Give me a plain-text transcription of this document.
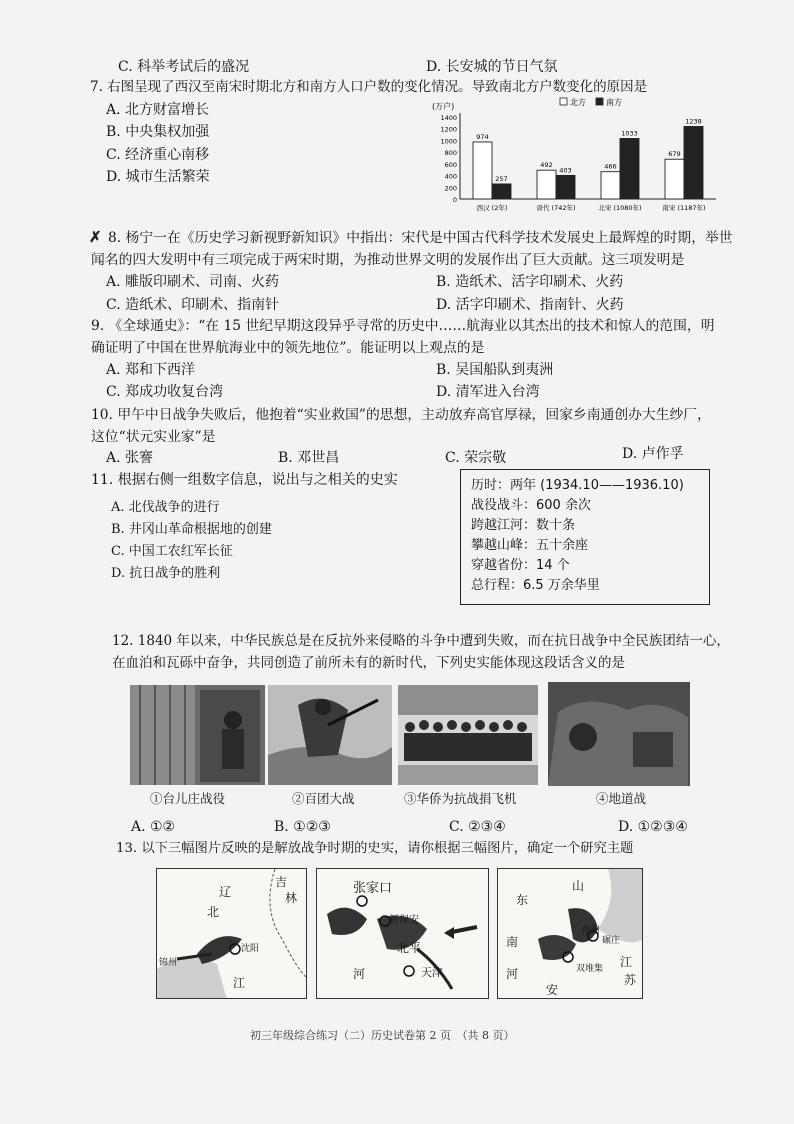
C. 科举考试后的盛况	D. 长安城的节日气氛
7. 右图呈现了西汉至南宋时期北方和南方人口户数的变化情况。导致南北方户数变化的原因是
A. 北方财富增长
B. 中央集权加强
C. 经济重心南移
D. 城市生活繁荣
(万户)
1400
1200
1000
800
600
400
200
0
北方	南方
974
257
西汉 (2年)
492
403
唐代 (742年)
466
1033
北宋 (1080年)
679
1238
南宋 (1187年)
✗ 8. 杨宁一在《历史学习新视野新知识》中指出：宋代是中国古代科学技术发展史上最辉煌的时期，举世
闻名的四大发明中有三项完成于两宋时期，为推动世界文明的发展作出了巨大贡献。这三项发明是
A. 雕版印刷术、司南、火药	B. 造纸术、活字印刷术、火药
C. 造纸术、印刷术、指南针	D. 活字印刷术、指南针、火药
9. 《全球通史》：“在 15 世纪早期这段异乎寻常的历史中……航海业以其杰出的技术和惊人的范围，明
确证明了中国在世界航海业中的领先地位”。能证明以上观点的是
A. 郑和下西洋	B. 吴国船队到夷洲
C. 郑成功收复台湾	D. 清军进入台湾
10. 甲午中日战争失败后，他抱着“实业救国”的思想，主动放弃高官厚禄，回家乡南通创办大生纱厂，
这位“状元实业家”是
A. 张謇	B. 邓世昌	C. 荣宗敬	D. 卢作孚
11. 根据右侧一组数字信息，说出与之相关的史实
A. 北伐战争的进行
B. 井冈山革命根据地的创建
C. 中国工农红军长征
D. 抗日战争的胜利
历时：两年 (1934.10——1936.10)
战役战斗：600 余次
跨越江河：数十条
攀越山峰：五十余座
穿越省份：14 个
总行程：6.5 万余华里
12. 1840 年以来，中华民族总是在反抗外来侵略的斗争中遭到失败，而在抗日战争中全民族团结一心，
在血泊和瓦砾中奋争，共同创造了前所未有的新时代，下列史实能体现这段话含义的是
①台儿庄战役	②百团大战	③华侨为抗战捐飞机	④地道战
A. ①②	B. ①②③	C. ②③④	D. ①②③④
13. 以下三幅图片反映的是解放战争时期的史实，请你根据三幅图片，确定一个研究主题
辽
吉
林
北
沈阳
锦州
江
张家口
新保安
北平
天津
河
山
东
南
徐州
碾庄
双堆集 江
安
苏
河
初三年级综合练习（二）历史试卷第 2 页　（共 8 页）
